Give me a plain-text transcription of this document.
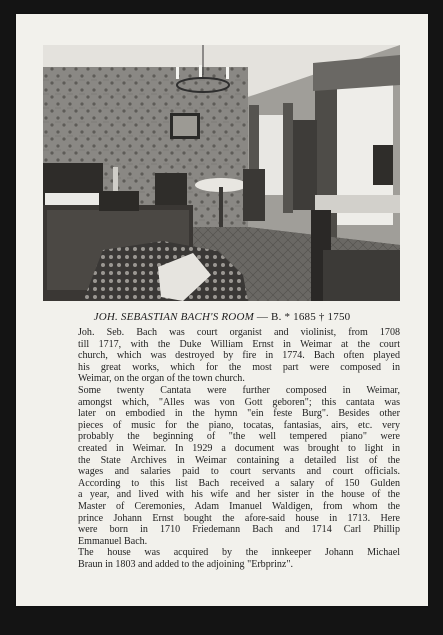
JOH. SEBASTIAN BACH'S ROOM — B. * 1685 † 1750

Joh. Seb. Bach was court organist and violinist, from 1708
till 1717, with the Duke William Ernst in Weimar at the court
church, which was destroyed by fire in 1774. Bach often played
his great works, which for the most part were composed in
Weimar, on the organ of the town church.

Some twenty Cantata were further composed in Weimar,
amongst which, "Alles was von Gott geboren"; this cantata was
later on embodied in the hymn "ein feste Burg". Besides other
pieces of music for the piano, tocatas, fantasias, airs, etc. very
probably the beginning of "the well tempered piano" were
created in Weimar. In 1929 a document was brought to light in
the State Archives in Weimar containing a detailed list of the
wages and salaries paid to court servants and court officials.
According to this list Bach received a salary of 150 Gulden
a year, and lived with his wife and her sister in the house of the
Master of Ceremonies, Adam Imanuel Waldigen, from whom the
prince Johann Ernst bought the afore-said house in 1713. Here
were born in 1710 Friedemann Bach and 1714 Carl Phillip
Emmanuel Bach.

The house was acquired by the innkeeper Johann Michael
Braun in 1803 and added to the adjoining "Erbprinz".
